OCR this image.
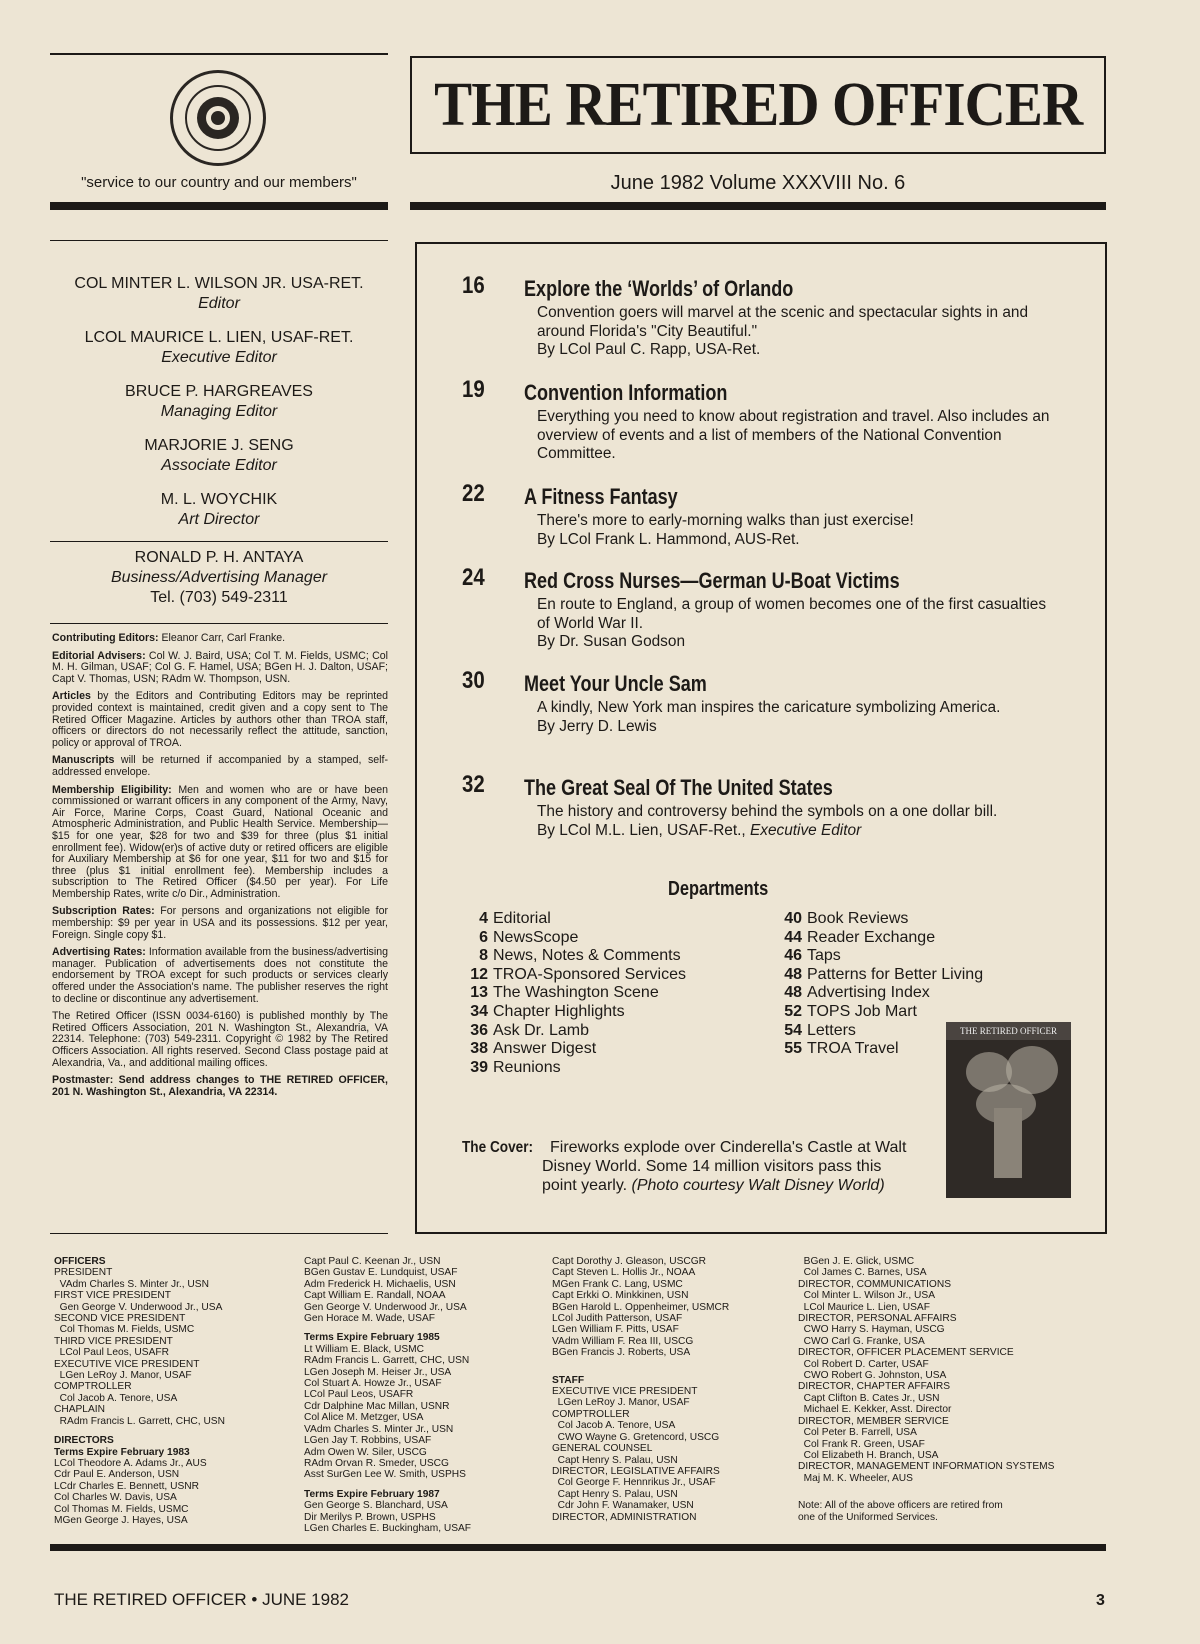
"service to our country and our members"
THE RETIRED OFFICER
June 1982 Volume XXXVIII No. 6
COL MINTER L. WILSON JR. USA-RET.
Editor
LCOL MAURICE L. LIEN, USAF-RET.
Executive Editor
BRUCE P. HARGREAVES
Managing Editor
MARJORIE J. SENG
Associate Editor
M. L. WOYCHIK
Art Director
RONALD P. H. ANTAYA
Business/Advertising Manager
Tel. (703) 549-2311

Contributing Editors: Eleanor Carr, Carl Franke.

Editorial Advisers: Col W. J. Baird, USA; Col T. M. Fields, USMC; Col M. H. Gilman, USAF; Col G. F. Hamel, USA; BGen H. J. Dalton, USAF; Capt V. Thomas, USN; RAdm W. Thompson, USN.

Articles by the Editors and Contributing Editors may be reprinted provided context is maintained, credit given and a copy sent to The Retired Officer Magazine. Articles by authors other than TROA staff, officers or directors do not necessarily reflect the attitude, sanction, policy or approval of TROA.

Manuscripts will be returned if accompanied by a stamped, self-addressed envelope.

Membership Eligibility: Men and women who are or have been commissioned or warrant officers in any component of the Army, Navy, Air Force, Marine Corps, Coast Guard, National Oceanic and Atmospheric Administration, and Public Health Service. Membership—$15 for one year, $28 for two and $39 for three (plus $1 initial enrollment fee). Widow(er)s of active duty or retired officers are eligible for Auxiliary Membership at $6 for one year, $11 for two and $15 for three (plus $1 initial enrollment fee). Membership includes a subscription to The Retired Officer ($4.50 per year). For Life Membership Rates, write c/o Dir., Administration.

Subscription Rates: For persons and organizations not eligible for membership: $9 per year in USA and its possessions. $12 per year, Foreign. Single copy $1.

Advertising Rates: Information available from the business/advertising manager. Publication of advertisements does not constitute the endorsement by TROA except for such products or services clearly offered under the Association's name. The publisher reserves the right to decline or discontinue any advertisement.

The Retired Officer (ISSN 0034-6160) is published monthly by The Retired Officers Association, 201 N. Washington St., Alexandria, VA 22314. Telephone: (703) 549-2311. Copyright © 1982 by The Retired Officers Association. All rights reserved. Second Class postage paid at Alexandria, Va., and additional mailing offices.

Postmaster: Send address changes to THE RETIRED OFFICER, 201 N. Washington St., Alexandria, VA 22314.

16 Explore the ‘Worlds’ of Orlando
Convention goers will marvel at the scenic and spectacular sights in and around Florida's "City Beautiful."
By LCol Paul C. Rapp, USA-Ret.
19 Convention Information
Everything you need to know about registration and travel. Also includes an overview of events and a list of members of the National Convention Committee.
22 A Fitness Fantasy
There's more to early-morning walks than just exercise!
By LCol Frank L. Hammond, AUS-Ret.
24 Red Cross Nurses—German U-Boat Victims
En route to England, a group of women becomes one of the first casualties of World War II.
By Dr. Susan Godson
30 Meet Your Uncle Sam
A kindly, New York man inspires the caricature symbolizing America.
By Jerry D. Lewis
32 The Great Seal Of The United States
The history and controversy behind the symbols on a one dollar bill.
By LCol M.L. Lien, USAF-Ret., Executive Editor
Departments
4 Editorial
6 NewsScope
8 News, Notes & Comments
12 TROA-Sponsored Services
13 The Washington Scene
34 Chapter Highlights
36 Ask Dr. Lamb
38 Answer Digest
39 Reunions
40 Book Reviews
44 Reader Exchange
46 Taps
48 Patterns for Better Living
48 Advertising Index
52 TOPS Job Mart
54 Letters
55 TROA Travel
THE RETIRED OFFICER
The Cover: Fireworks explode over Cinderella's Castle at Walt
Disney World. Some 14 million visitors pass this
point yearly. (Photo courtesy Walt Disney World)
OFFICERS
PRESIDENT
VAdm Charles S. Minter Jr., USN
FIRST VICE PRESIDENT
Gen George V. Underwood Jr., USA
SECOND VICE PRESIDENT
Col Thomas M. Fields, USMC
THIRD VICE PRESIDENT
LCol Paul Leos, USAFR
EXECUTIVE VICE PRESIDENT
LGen LeRoy J. Manor, USAF
COMPTROLLER
Col Jacob A. Tenore, USA
CHAPLAIN
RAdm Francis L. Garrett, CHC, USN
DIRECTORS
Terms Expire February 1983
LCol Theodore A. Adams Jr., AUS
Cdr Paul E. Anderson, USN
LCdr Charles E. Bennett, USNR
Col Charles W. Davis, USA
Col Thomas M. Fields, USMC
MGen George J. Hayes, USA
Capt Paul C. Keenan Jr., USN
BGen Gustav E. Lundquist, USAF
Adm Frederick H. Michaelis, USN
Capt William E. Randall, NOAA
Gen George V. Underwood Jr., USA
Gen Horace M. Wade, USAF
Terms Expire February 1985
Lt William E. Black, USMC
RAdm Francis L. Garrett, CHC, USN
LGen Joseph M. Heiser Jr., USA
Col Stuart A. Howze Jr., USAF
LCol Paul Leos, USAFR
Cdr Dalphine Mac Millan, USNR
Col Alice M. Metzger, USA
VAdm Charles S. Minter Jr., USN
LGen Jay T. Robbins, USAF
Adm Owen W. Siler, USCG
RAdm Orvan R. Smeder, USCG
Asst SurGen Lee W. Smith, USPHS
Terms Expire February 1987
Gen George S. Blanchard, USA
Dir Merilys P. Brown, USPHS
LGen Charles E. Buckingham, USAF
Capt Dorothy J. Gleason, USCGR
Capt Steven L. Hollis Jr., NOAA
MGen Frank C. Lang, USMC
Capt Erkki O. Minkkinen, USN
BGen Harold L. Oppenheimer, USMCR
LCol Judith Patterson, USAF
LGen William F. Pitts, USAF
VAdm William F. Rea III, USCG
BGen Francis J. Roberts, USA
STAFF
EXECUTIVE VICE PRESIDENT
LGen LeRoy J. Manor, USAF
COMPTROLLER
Col Jacob A. Tenore, USA
CWO Wayne G. Gretencord, USCG
GENERAL COUNSEL
Capt Henry S. Palau, USN
DIRECTOR, LEGISLATIVE AFFAIRS
Col George F. Hennrikus Jr., USAF
Capt Henry S. Palau, USN
Cdr John F. Wanamaker, USN
DIRECTOR, ADMINISTRATION
BGen J. E. Glick, USMC
Col James C. Barnes, USA
DIRECTOR, COMMUNICATIONS
Col Minter L. Wilson Jr., USA
LCol Maurice L. Lien, USAF
DIRECTOR, PERSONAL AFFAIRS
CWO Harry S. Hayman, USCG
CWO Carl G. Franke, USA
DIRECTOR, OFFICER PLACEMENT SERVICE
Col Robert D. Carter, USAF
CWO Robert G. Johnston, USA
DIRECTOR, CHAPTER AFFAIRS
Capt Clifton B. Cates Jr., USN
Michael E. Kekker, Asst. Director
DIRECTOR, MEMBER SERVICE
Col Peter B. Farrell, USA
Col Frank R. Green, USAF
Col Elizabeth H. Branch, USA
DIRECTOR, MANAGEMENT INFORMATION SYSTEMS
Maj M. K. Wheeler, AUS
Note: All of the above officers are retired from
one of the Uniformed Services.
THE RETIRED OFFICER • JUNE 1982	3
